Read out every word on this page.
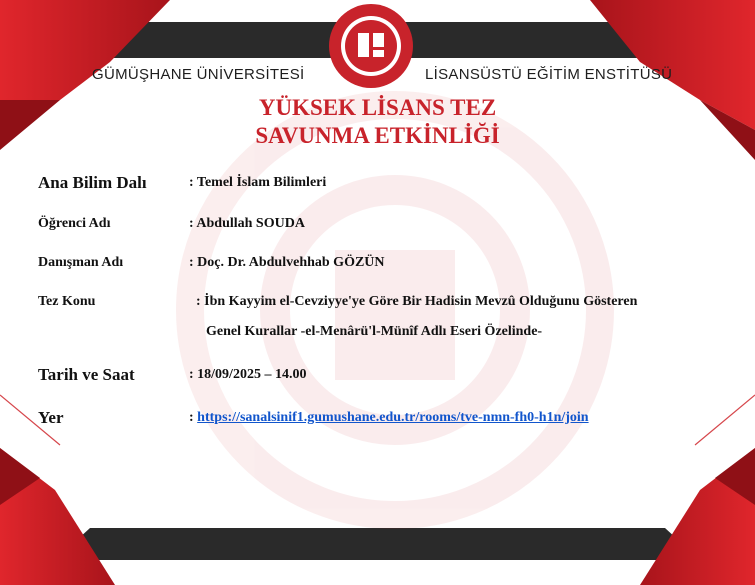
GÜMÜŞHANE ÜNİVERSİTESİ	LİSANSÜSTÜ EĞİTİM ENSTİTÜSÜ
YÜKSEK LİSANS TEZ
SAVUNMA ETKİNLİĞİ
Ana Bilim Dalı	: Temel İslam Bilimleri
Öğrenci Adı	: Abdullah SOUDA
Danışman Adı	: Doç. Dr. Abdulvehhab GÖZÜN
Tez Konu	: İbn Kayyim el-Cevziyye'ye Göre Bir Hadisin Mevzû Olduğunu Gösteren
Genel Kurallar -el-Menârü'l-Münîf Adlı Eseri Özelinde-
Tarih ve Saat	: 18/09/2025 – 14.00
Yer	: https://sanalsinif1.gumushane.edu.tr/rooms/tve-nmn-fh0-h1n/join
